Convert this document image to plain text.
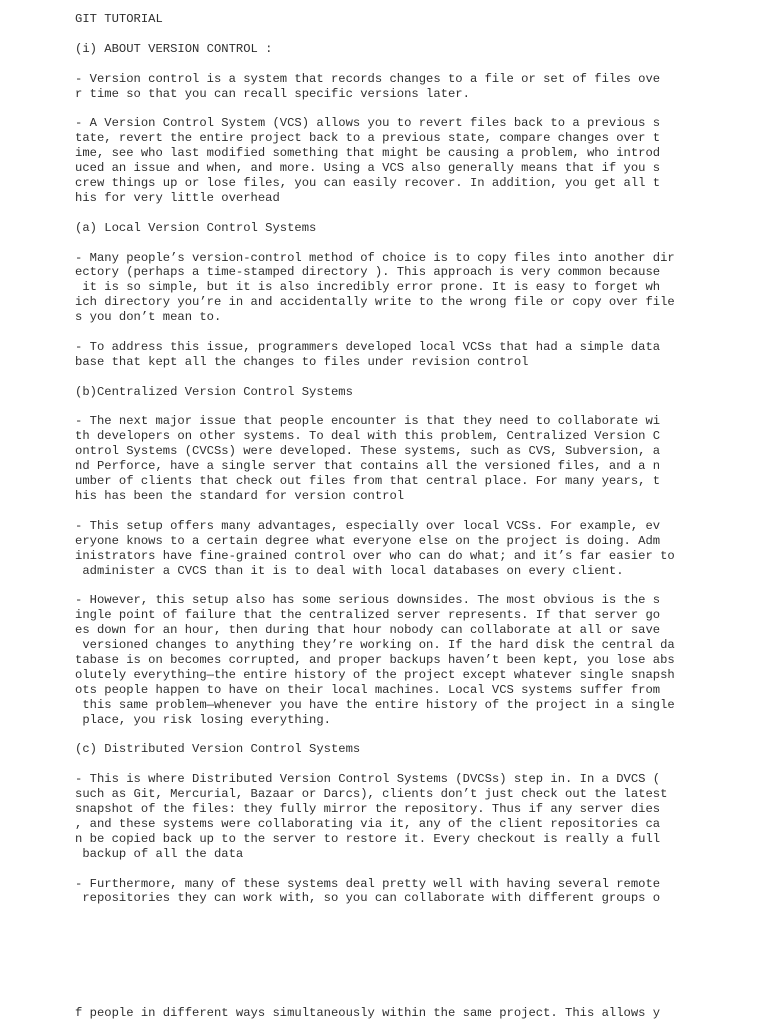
GIT TUTORIAL

(i) ABOUT VERSION CONTROL :

- Version control is a system that records changes to a file or set of files ove
r time so that you can recall specific versions later.

- A Version Control System (VCS) allows you to revert files back to a previous s
tate, revert the entire project back to a previous state, compare changes over t
ime, see who last modified something that might be causing a problem, who introd
uced an issue and when, and more. Using a VCS also generally means that if you s
crew things up or lose files, you can easily recover. In addition, you get all t
his for very little overhead

(a) Local Version Control Systems

- Many people’s version-control method of choice is to copy files into another dir
ectory (perhaps a time-stamped directory ). This approach is very common because
it is so simple, but it is also incredibly error prone. It is easy to forget wh
ich directory you’re in and accidentally write to the wrong file or copy over file
s you don’t mean to.

- To address this issue, programmers developed local VCSs that had a simple data
base that kept all the changes to files under revision control

(b)Centralized Version Control Systems

- The next major issue that people encounter is that they need to collaborate wi
th developers on other systems. To deal with this problem, Centralized Version C
ontrol Systems (CVCSs) were developed. These systems, such as CVS, Subversion, a
nd Perforce, have a single server that contains all the versioned files, and a n
umber of clients that check out files from that central place. For many years, t
his has been the standard for version control

- This setup offers many advantages, especially over local VCSs. For example, ev
eryone knows to a certain degree what everyone else on the project is doing. Adm
inistrators have fine-grained control over who can do what; and it’s far easier to
administer a CVCS than it is to deal with local databases on every client.

- However, this setup also has some serious downsides. The most obvious is the s
ingle point of failure that the centralized server represents. If that server go
es down for an hour, then during that hour nobody can collaborate at all or save
versioned changes to anything they’re working on. If the hard disk the central da
tabase is on becomes corrupted, and proper backups haven’t been kept, you lose abs
olutely everything—the entire history of the project except whatever single snapsh
ots people happen to have on their local machines. Local VCS systems suffer from
this same problem—whenever you have the entire history of the project in a single
place, you risk losing everything.

(c) Distributed Version Control Systems

- This is where Distributed Version Control Systems (DVCSs) step in. In a DVCS (
such as Git, Mercurial, Bazaar or Darcs), clients don’t just check out the latest
snapshot of the files: they fully mirror the repository. Thus if any server dies
, and these systems were collaborating via it, any of the client repositories ca
n be copied back up to the server to restore it. Every checkout is really a full
backup of all the data

- Furthermore, many of these systems deal pretty well with having several remote
repositories they can work with, so you can collaborate with different groups o
f people in different ways simultaneously within the same project. This allows y
